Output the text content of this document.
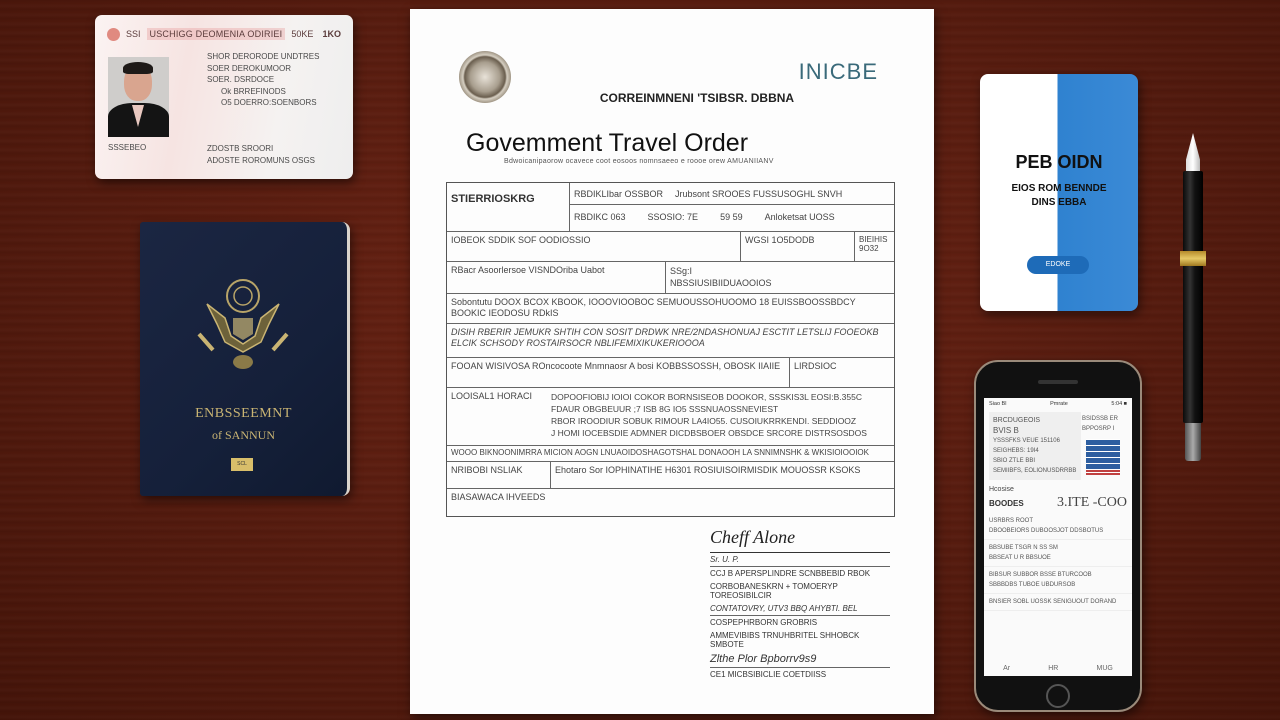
SSI	USCHIGG DEOMENIA ODIRIEI	50KE 1KO
SHOR DERORODE UNDTRES
SOER DEROKUMOOR
SOER. DSRDOCE
Ok BRREFINODS
O5 DOERRO:SOENBORS
SSSEBEO	ZDOSTB SROORI
ADOSTE ROROMUNS OSGS
ENBSSEEMNT
of SANNUN
SCL
INICBE
CORREINMNENI 'TSIBSR. DBBNA
Govemment Travel Order
Bdwoicanipaorow ocavece coot eosoos nomnsaeeo e roooe orew AMUANIIANV
STIERRIOSKRG	RBDIKLIbar OSSBOR Jrubsont SROOES FUSSUSOGHL SNVH
RBDIKC 063 SSOSIO: 7E 59 59 Anloketsat UOSS
IOBEOK SDDIK SOF OODIOSSIO	WGSI 1O5DODB	BIEIHIS 9O32
RBacr Asoorlersoe VISNDOriba Uabot	SSg:I
NBSSIUSIBIIDUAOOIOS
Sobontutu DOOX BCOX KBOOK, IOOOVIOOBOC SEMUOUSSOHUOOMO 18 EUISSBOOSSBDCY BOOKIC IEODOSU RDkIS
DISIH RBERIR JEMUKR SHTIH CON SOSIT DRDWK NRE/2NDASHONUAJ ESCTIT LETSLIJ FOOEOKB ELCIK SCHSODY ROSTAIRSOCR NBLIFEMIXIKUKERIOOOA
FOOAN WISIVOSA ROncocoote Mnmnaosr A bosi KOBBSSOSSH, OBOSK IIAIIE	LIRDSIOC
LOOISAL1 HORACI	DOPOOFIOBIJ IOIOI COKOR BORNSISEOB DOOKOR, SSSKIS3L EOSI:B.355C
FDAUR OBGBEUUR ;7 ISB 8G IO5 SSSNUAOSSNEVIEST
RBOR IROODIUR SOBUK RIMOUR LA4IO55. CUSOIUKRRKENDI. SEDDIOOZ
J HOMI IOCEBSDIE ADMNER DICDBSBOER OBSDCE SRCORE DISTRSOSDOS
WOOO BIKNOONIMRRA MICION AOGN LNUAOIDOSHAGOTSHAL DONAOOH LA SNNIMNSHK & WKISIOIOOIOK
NRIBOBI NSLIAK	Ehotaro Sor IOPHINATIHE H6301 ROSIUISOIRMISDIK MOUOSSR KSOKS
BIASAWACA IHVEEDS
Cheff Alone
Sr. U. P.
CCJ B APERSPLINDRE SCNBBEBID RBOK
CORBOBANESKRN + TOMOERYP TOREOSIBILCIR
CONTATOVRY, UTV3 BBQ AHYBTI. BEL
COSPEPHRBORN GROBRIS
AMMEVIBIBS TRNUHBRITEL SHHOBCK SMBOTE
Zlthe Plor Bpborrv9s9
CE1 MICBSIBICLIE COETDIISS
PEB OIDN
EIOS ROM BENNDE
DINS EBBA
EDOKE
Siao Bl	Pmrate	5:04 ■
BRCDUGEOIS
BVIS B
YSSSFKS VEUE 151106
SEIGHEBS: 19I4
SBIO ZTLE BBI
SEMIIBFS, EOLIONUSDRRBB
BSIDSSB ER
BPPOSRP I
Hcosise
BOODES 3.ITE -COO
USRBRS ROOT
DBOOBEIORS DUBOOSJOT DDSBOTUS
BBSUBE TSGR N SS SM
BBSEAT U R BBSUOE
BIBSUR SUBBOR BSSE BTURCOOB
SBBBDBS TUBOE UBDURSOB
BNSIER SOBL UOSSK SENIGUOUT DORAND
Ar	HR	MUG
